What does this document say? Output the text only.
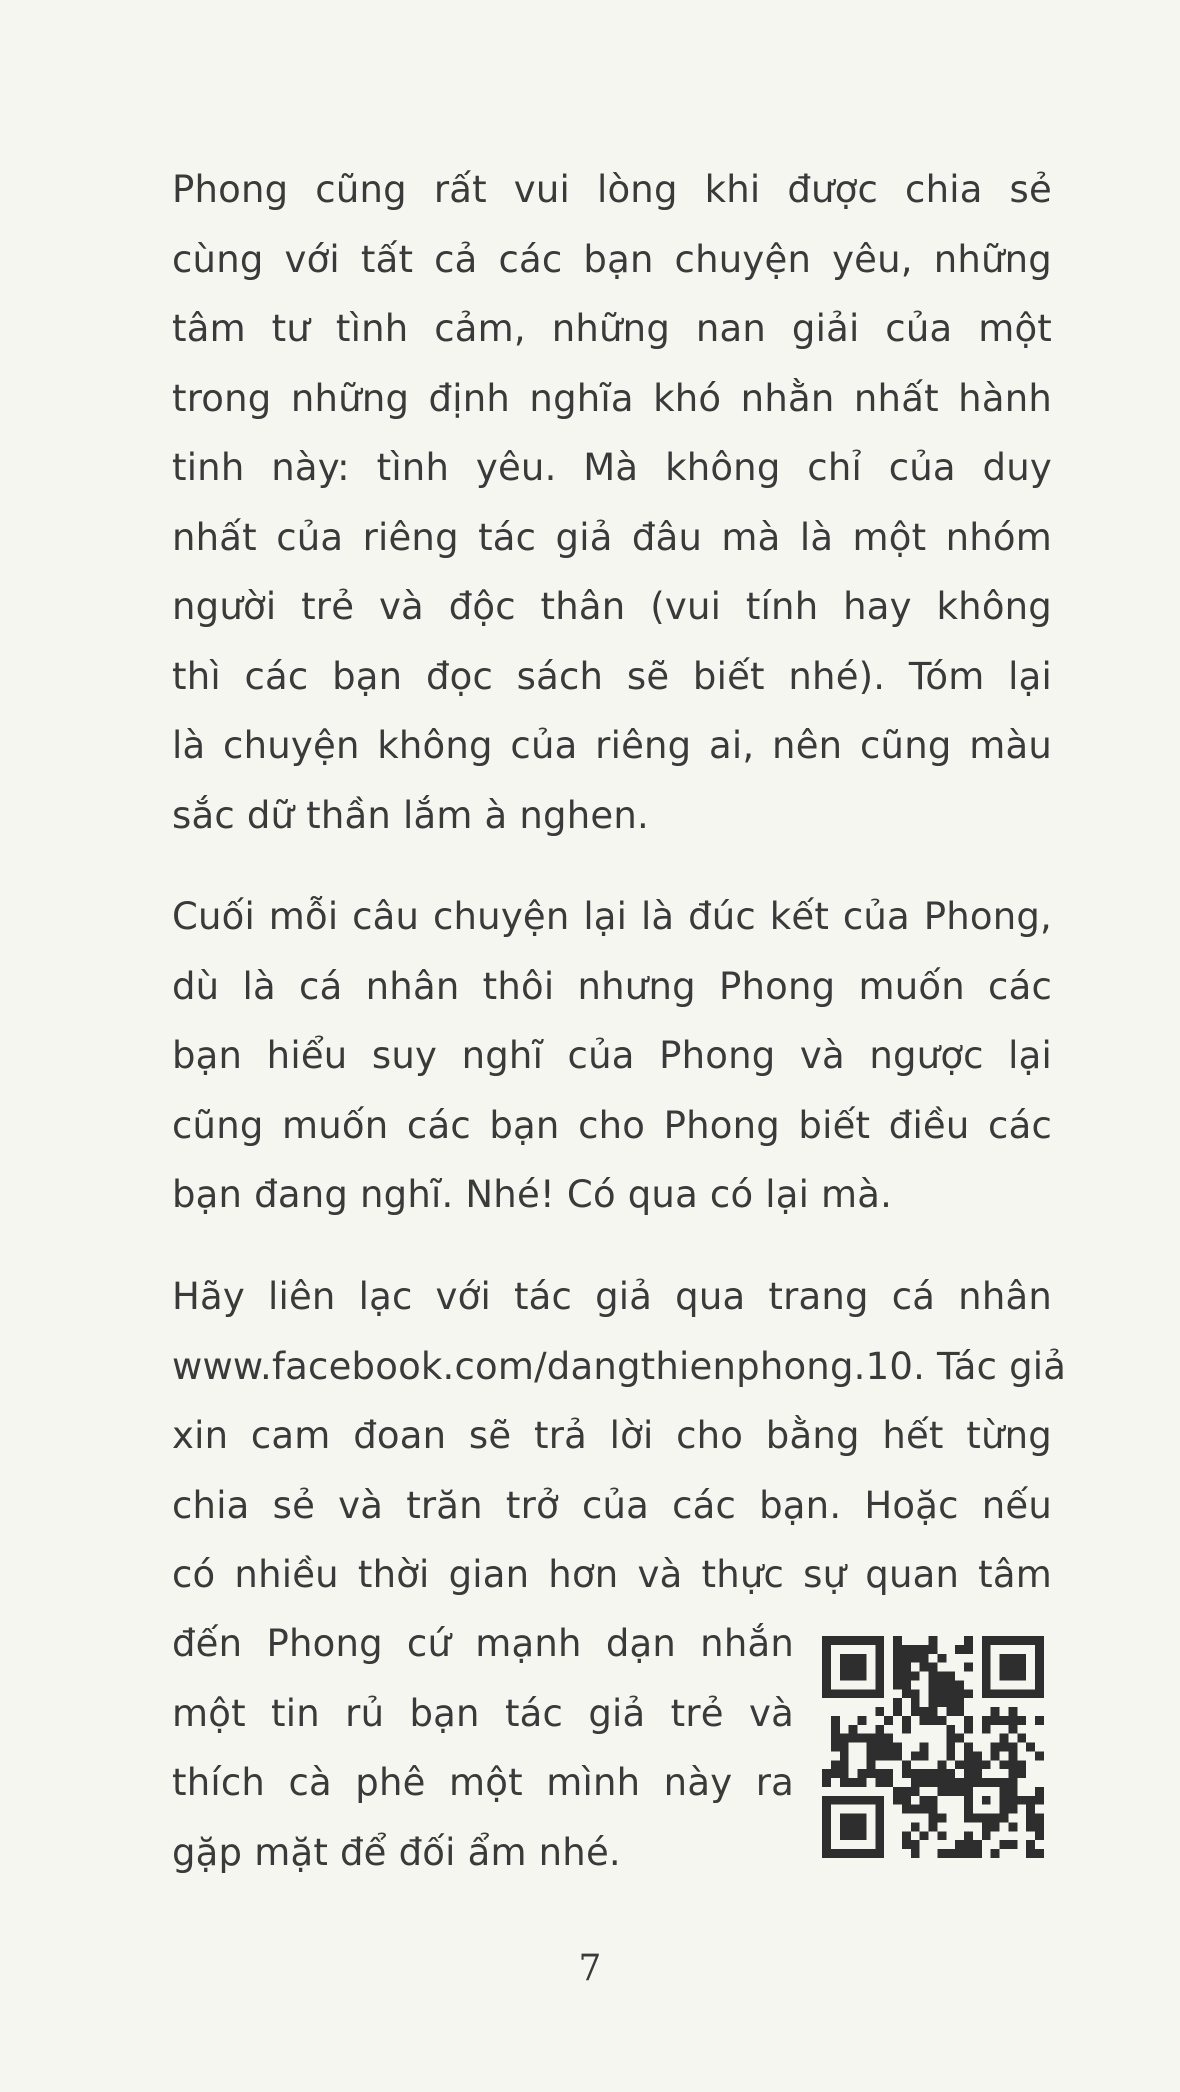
Phong cũng rất vui lòng khi được chia sẻ
cùng với tất cả các bạn chuyện yêu, những
tâm tư tình cảm, những nan giải của một
trong những định nghĩa khó nhằn nhất hành
tinh này: tình yêu. Mà không chỉ của duy
nhất của riêng tác giả đâu mà là một nhóm
người trẻ và độc thân (vui tính hay không
thì các bạn đọc sách sẽ biết nhé). Tóm lại
là chuyện không của riêng ai, nên cũng màu
sắc dữ thần lắm à nghen.
Cuối mỗi câu chuyện lại là đúc kết của Phong,
dù là cá nhân thôi nhưng Phong muốn các
bạn hiểu suy nghĩ của Phong và ngược lại
cũng muốn các bạn cho Phong biết điều các
bạn đang nghĩ. Nhé! Có qua có lại mà.
Hãy liên lạc với tác giả qua trang cá nhân
www.facebook.com/dangthienphong.10. Tác giả
xin cam đoan sẽ trả lời cho bằng hết từng
chia sẻ và trăn trở của các bạn. Hoặc nếu
có nhiều thời gian hơn và thực sự quan tâm
đến Phong cứ mạnh dạn nhắn
một tin rủ bạn tác giả trẻ và
thích cà phê một mình này ra
gặp mặt để đối ẩm nhé.
7
